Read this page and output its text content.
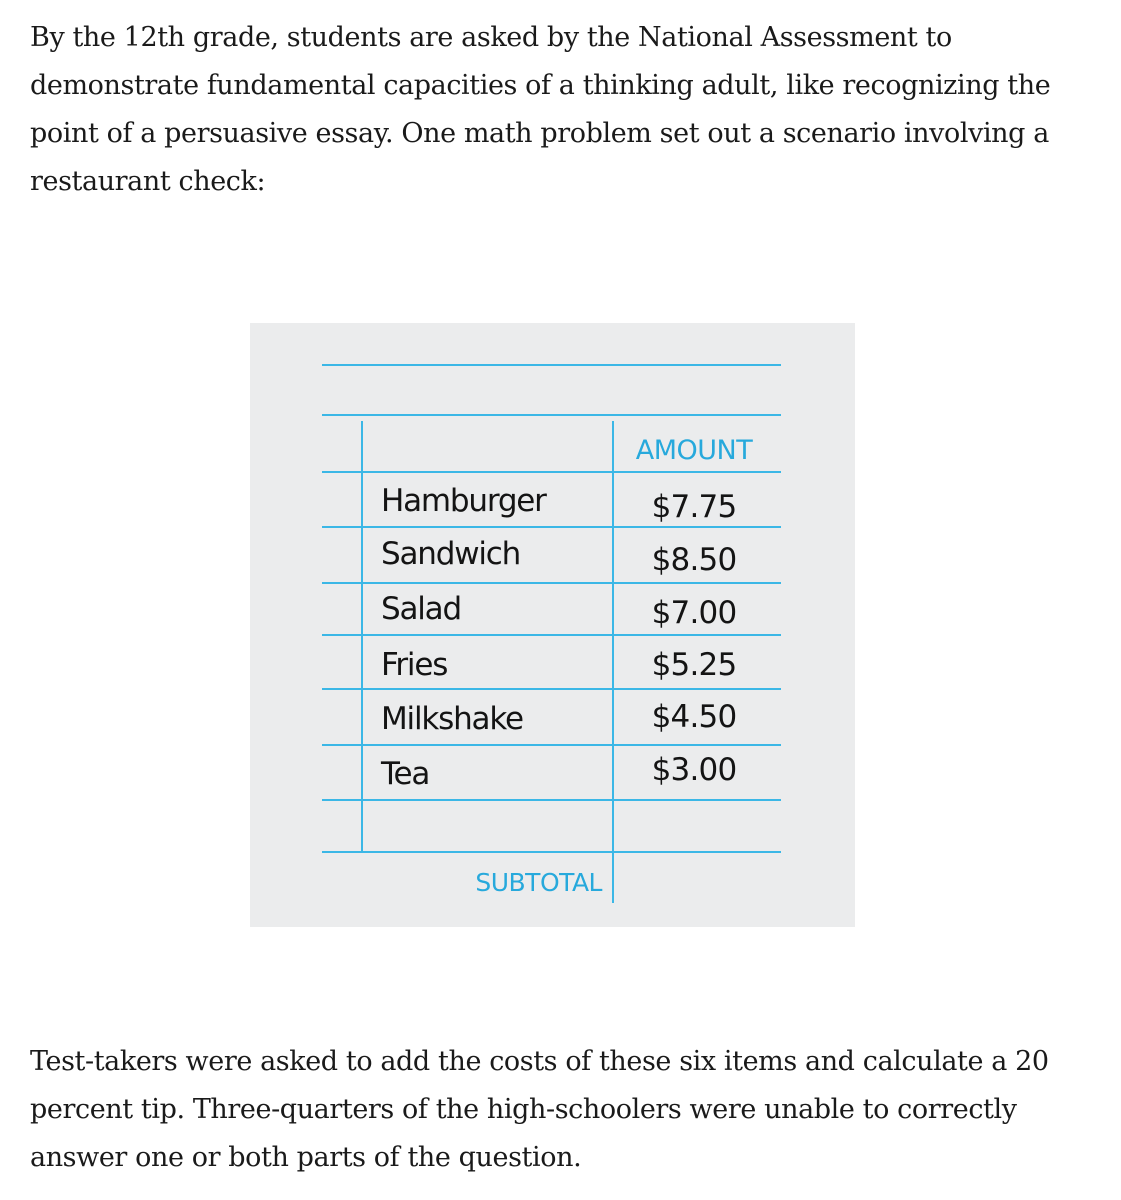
By the 12th grade, students are asked by the National Assessment to
demonstrate fundamental capacities of a thinking adult, like recognizing the
point of a persuasive essay. One math problem set out a scenario involving a
restaurant check:
AMOUNT
Hamburger	$7.75
Sandwich	$8.50
Salad	$7.00
Fries	$5.25
Milkshake	$4.50
Tea	$3.00
SUBTOTAL
Test-takers were asked to add the costs of these six items and calculate a 20
percent tip. Three-quarters of the high-schoolers were unable to correctly
answer one or both parts of the question.
